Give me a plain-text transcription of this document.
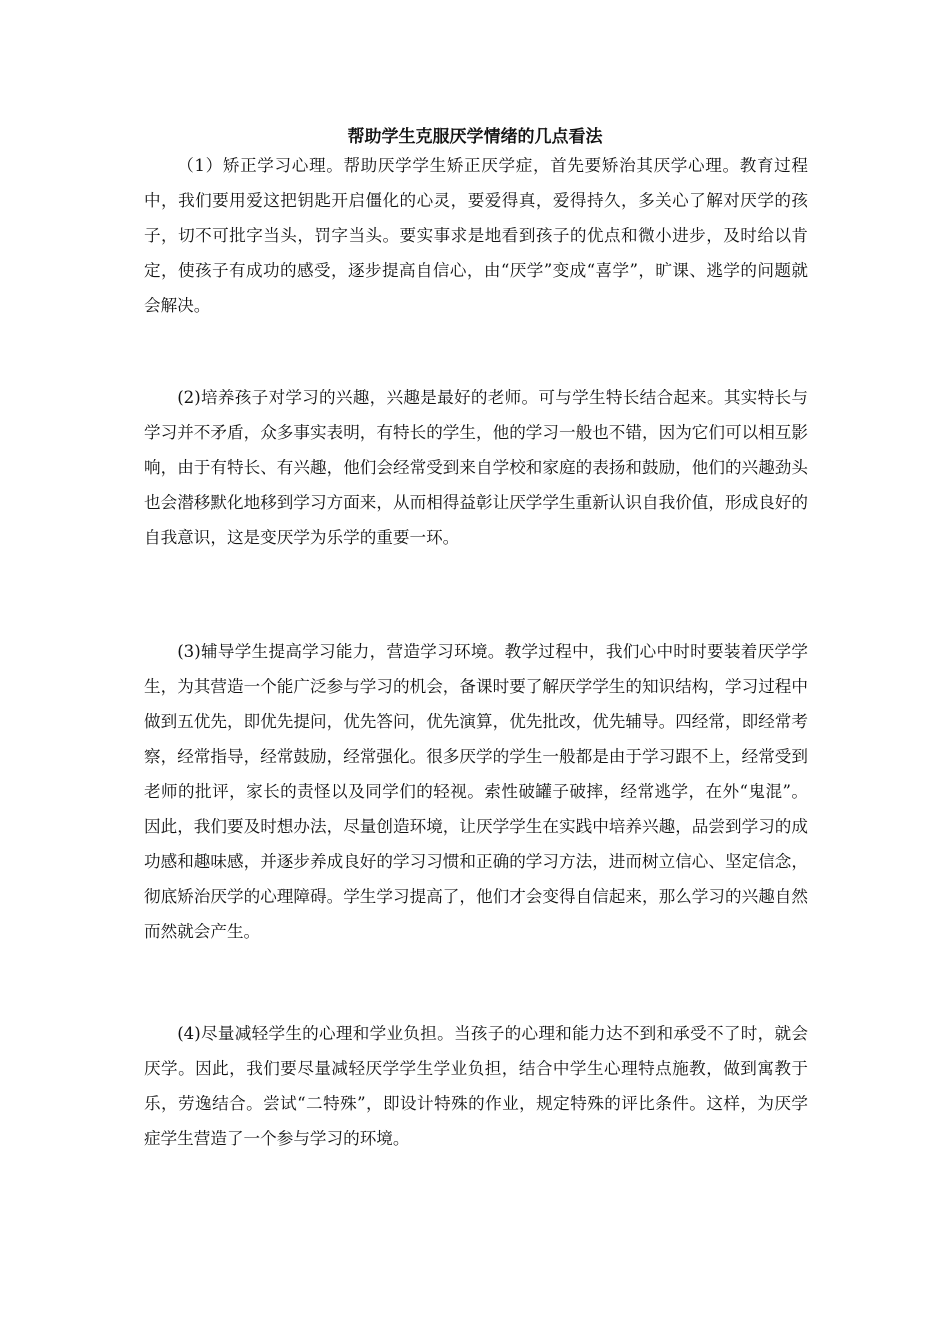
帮助学生克服厌学情绪的几点看法

（1）矫正学习心理。帮助厌学学生矫正厌学症，首先要矫治其厌学心理。教育过程中，我们要用爱这把钥匙开启僵化的心灵，要爱得真，爱得持久，多关心了解对厌学的孩子，切不可批字当头，罚字当头。要实事求是地看到孩子的优点和微小进步，及时给以肯定，使孩子有成功的感受，逐步提高自信心，由“厌学”变成“喜学”，旷课、逃学的问题就会解决。

(2)培养孩子对学习的兴趣，兴趣是最好的老师。可与学生特长结合起来。其实特长与学习并不矛盾，众多事实表明，有特长的学生，他的学习一般也不错，因为它们可以相互影响，由于有特长、有兴趣，他们会经常受到来自学校和家庭的表扬和鼓励，他们的兴趣劲头也会潜移默化地移到学习方面来，从而相得益彰让厌学学生重新认识自我价值，形成良好的自我意识，这是变厌学为乐学的重要一环。

(3)辅导学生提高学习能力，营造学习环境。教学过程中，我们心中时时要装着厌学学生，为其营造一个能广泛参与学习的机会，备课时要了解厌学学生的知识结构，学习过程中做到五优先，即优先提问，优先答问，优先演算，优先批改，优先辅导。四经常，即经常考察，经常指导，经常鼓励，经常强化。很多厌学的学生一般都是由于学习跟不上，经常受到老师的批评，家长的责怪以及同学们的轻视。索性破罐子破摔，经常逃学，在外“鬼混”。因此，我们要及时想办法，尽量创造环境，让厌学学生在实践中培养兴趣，品尝到学习的成功感和趣味感，并逐步养成良好的学习习惯和正确的学习方法，进而树立信心、坚定信念，彻底矫治厌学的心理障碍。学生学习提高了，他们才会变得自信起来，那么学习的兴趣自然而然就会产生。

(4)尽量减轻学生的心理和学业负担。当孩子的心理和能力达不到和承受不了时，就会厌学。因此，我们要尽量减轻厌学学生学业负担，结合中学生心理特点施教，做到寓教于乐，劳逸结合。尝试“二特殊”，即设计特殊的作业，规定特殊的评比条件。这样，为厌学症学生营造了一个参与学习的环境。
